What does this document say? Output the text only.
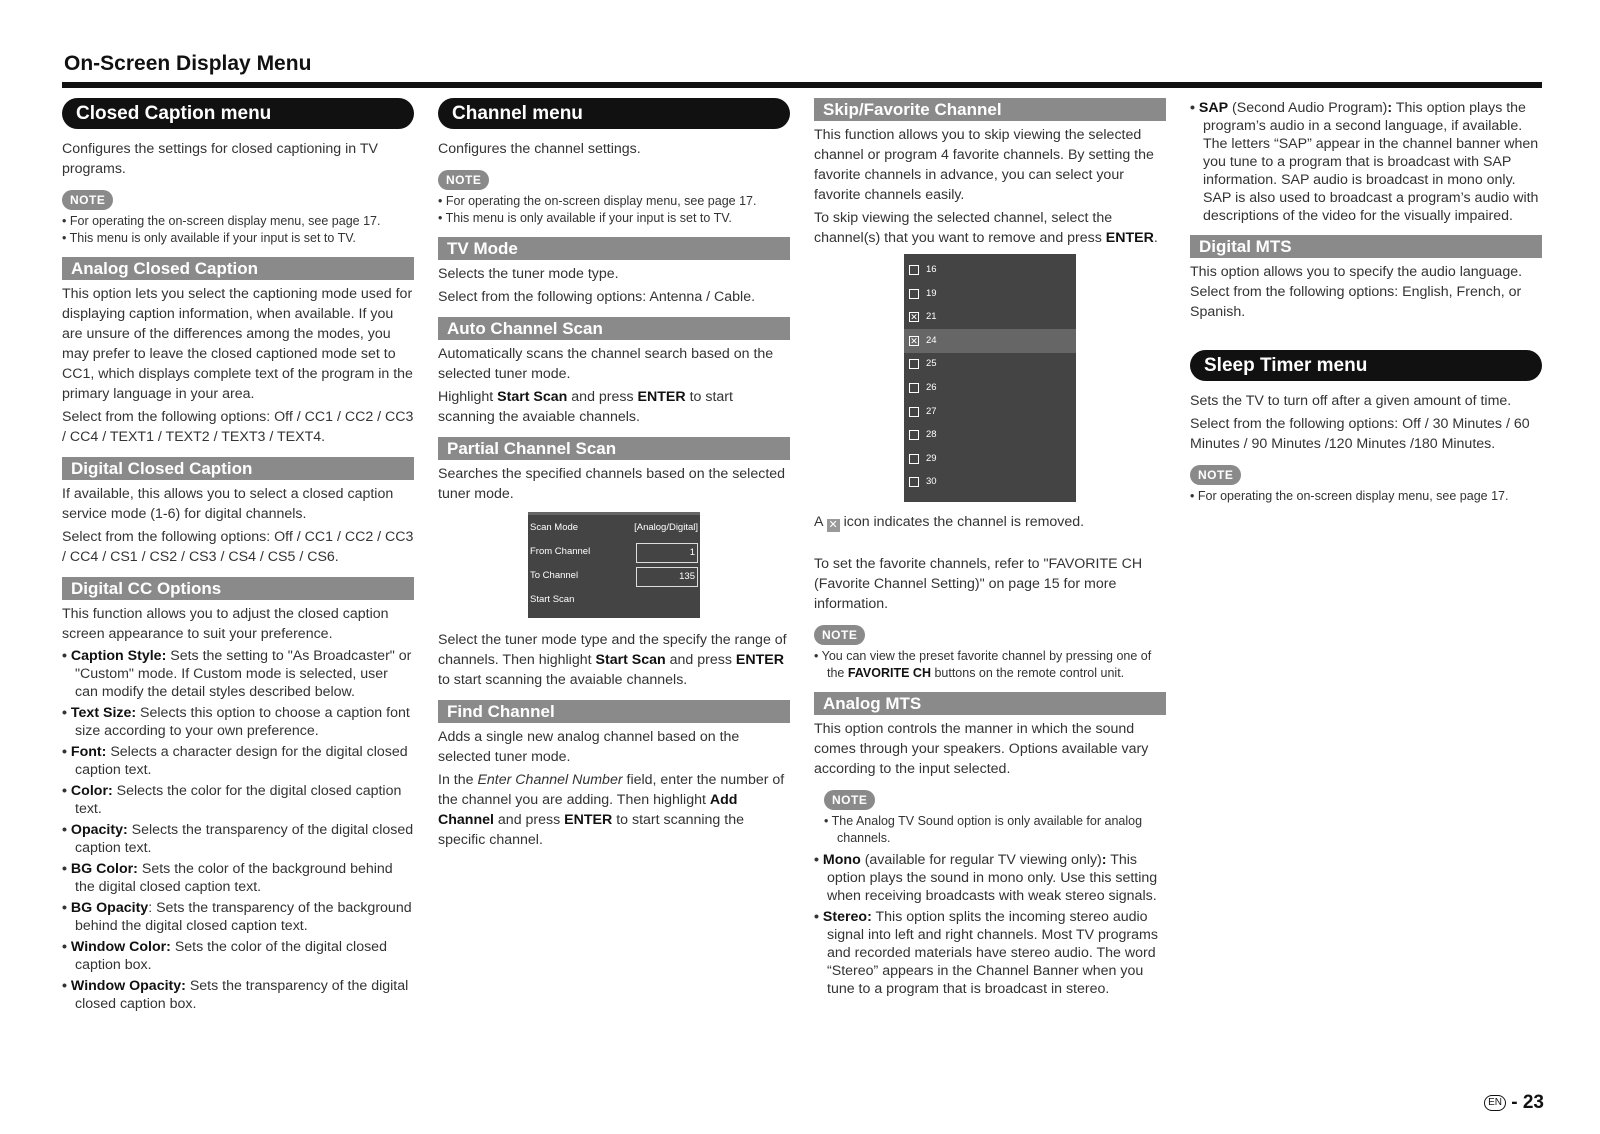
On-Screen Display Menu
Closed Caption menu

Configures the settings for closed captioning in TV programs.

NOTE
• For operating the on-screen display menu, see page 17.
• This menu is only available if your input is set to TV.
Analog Closed Caption

This option lets you select the captioning mode used for displaying caption information, when available. If you are unsure of the differences among the modes, you may prefer to leave the closed captioned mode set to CC1, which displays complete text of the program in the primary language in your area.

Select from the following options: Off / CC1 / CC2 / CC3 / CC4 / TEXT1 / TEXT2 / TEXT3 / TEXT4.

Digital Closed Caption

If available, this allows you to select a closed caption service mode (1-6) for digital channels.

Select from the following options: Off / CC1 / CC2 / CC3 / CC4 / CS1 / CS2 / CS3 / CS4 / CS5 / CS6.

Digital CC Options

This function allows you to adjust the closed caption screen appearance to suit your preference.

• Caption Style: Sets the setting to "As Broadcaster" or "Custom" mode. If Custom mode is selected, user can modify the detail styles described below.
• Text Size: Selects this option to choose a caption font size according to your own preference.
• Font: Selects a character design for the digital closed caption text.
• Color: Selects the color for the digital closed caption text.
• Opacity: Selects the transparency of the digital closed caption text.
• BG Color: Sets the color of the background behind the digital closed caption text.
• BG Opacity: Sets the transparency of the background behind the digital closed caption text.
• Window Color: Sets the color of the digital closed caption box.
• Window Opacity: Sets the transparency of the digital closed caption box.
Channel menu

Configures the channel settings.

NOTE
• For operating the on-screen display menu, see page 17.
• This menu is only available if your input is set to TV.
TV Mode

Selects the tuner mode type.

Select from the following options: Antenna / Cable.

Auto Channel Scan

Automatically scans the channel search based on the selected tuner mode.

Highlight Start Scan and press ENTER to start scanning the avaiable channels.

Partial Channel Scan

Searches the specified channels based on the selected tuner mode.

Scan Mode	[Analog/Digital]
From Channel	1
To Channel	135
Start Scan

Select the tuner mode type and the specify the range of channels. Then highlight Start Scan and press ENTER to start scanning the avaiable channels.

Find Channel

Adds a single new analog channel based on the selected tuner mode.

In the Enter Channel Number field, enter the number of the channel you are adding. Then highlight Add Channel and press ENTER to start scanning the specific channel.

Skip/Favorite Channel

This function allows you to skip viewing the selected channel or program 4 favorite channels. By setting the favorite channels in advance, you can select your favorite channels easily.

To skip viewing the selected channel, select the channel(s) that you want to remove and press ENTER.

16
19
✕ 21
✕ 24
25
26
27
28
29
30

A ✕ icon indicates the channel is removed.

To set the favorite channels, refer to "FAVORITE CH (Favorite Channel Setting)" on page 15 for more information.

NOTE
• You can view the preset favorite channel by pressing one of the FAVORITE CH buttons on the remote control unit.
Analog MTS

This option controls the manner in which the sound comes through your speakers. Options available vary according to the input selected.

NOTE
• The Analog TV Sound option is only available for analog channels.
• Mono (available for regular TV viewing only): This option plays the sound in mono only. Use this setting when receiving broadcasts with weak stereo signals.
• Stereo: This option splits the incoming stereo audio signal into left and right channels. Most TV programs and recorded materials have stereo audio. The word “Stereo” appears in the Channel Banner when you tune to a program that is broadcast in stereo.
• SAP (Second Audio Program): This option plays the program’s audio in a second language, if available. The letters “SAP” appear in the channel banner when you tune to a program that is broadcast with SAP information. SAP audio is broadcast in mono only. SAP is also used to broadcast a program’s audio with descriptions of the video for the visually impaired.
Digital MTS

This option allows you to specify the audio language. Select from the following options: English, French, or Spanish.

Sleep Timer menu

Sets the TV to turn off after a given amount of time.

Select from the following options: Off / 30 Minutes / 60 Minutes / 90 Minutes /120 Minutes /180 Minutes.

NOTE
• For operating the on-screen display menu, see page 17.
EN - 23
